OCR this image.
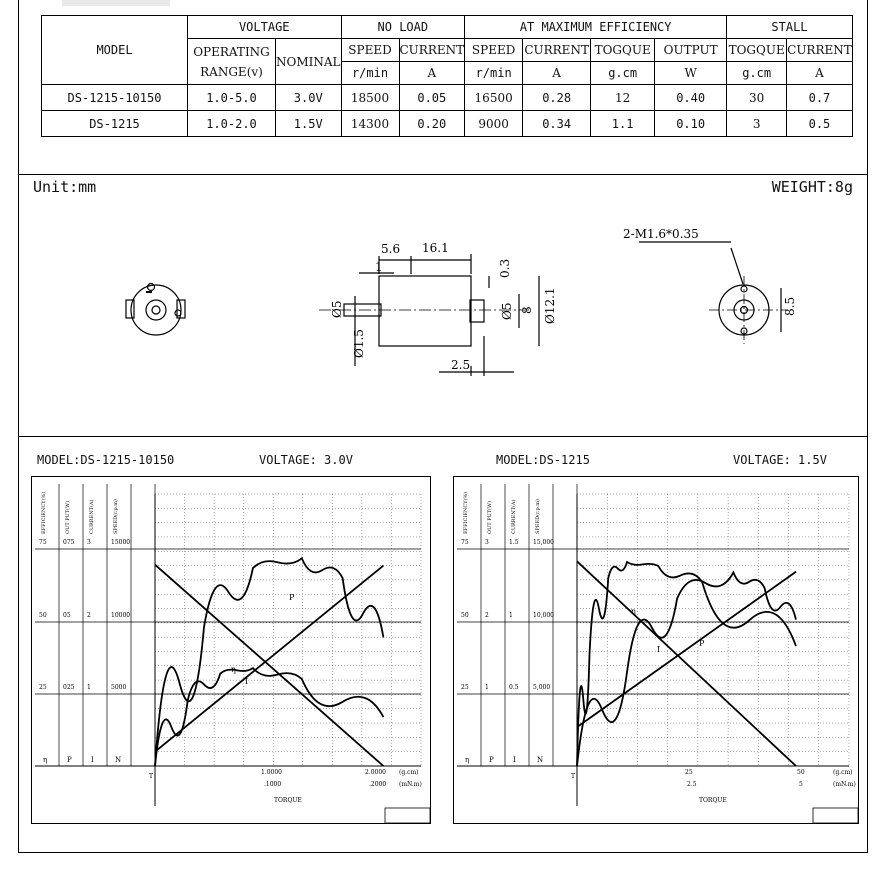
MODEL	VOLTAGE		NO LOAD		AT MAXIMUM EFFICIENCY				STALL	
	OPERATING
RANGE(v)	NOMINAL	SPEED	CURRENT	SPEED	CURRENT	TOGQUE	OUTPUT	TOGQUE	CURRENT
			r/min	A	r/min	A	g.cm	W	g.cm	A
DS-1215-10150	1.0-5.0	3.0V	18500	0.05	16500	0.28	12	0.40	30	0.7
DS-1215	1.0-2.0	1.5V	14300	0.20	9000	0.34	1.1	0.10	3	0.5
Unit:mm	WEIGHT:8g
5.6 16.1
1	0.3
Ø5	Ø5 8 Ø12.1
Ø1.5
2.5
2-M1.6*0.35
8.5
MODEL:DS-1215-10150	VOLTAGE: 3.0V	MODEL:DS-1215	VOLTAGE: 1.5V
EFFICIENCY(%)	OUT PUT(W)	CURRENT(A)	SPEED(r.p.m)
75
50
25
075
05
025
3
2
1
15000
10000
5000
η	P	I	N
T
1.0000	2.0000 (g.cm)
.1000	.2000 (mN.m)
TORQUE
P
η
I
EFFICIENCY(%)	OUT PUT(W)	CURRENT(A)	SPEED(r.p.m)
75
50
25
3
2
1
1.5
1
0.5
15,000
10,000
5,000
η	P	I	N
T
25	50	(g.cm)
2.5	5	(mN.m)
TORQUE
P
η
I
